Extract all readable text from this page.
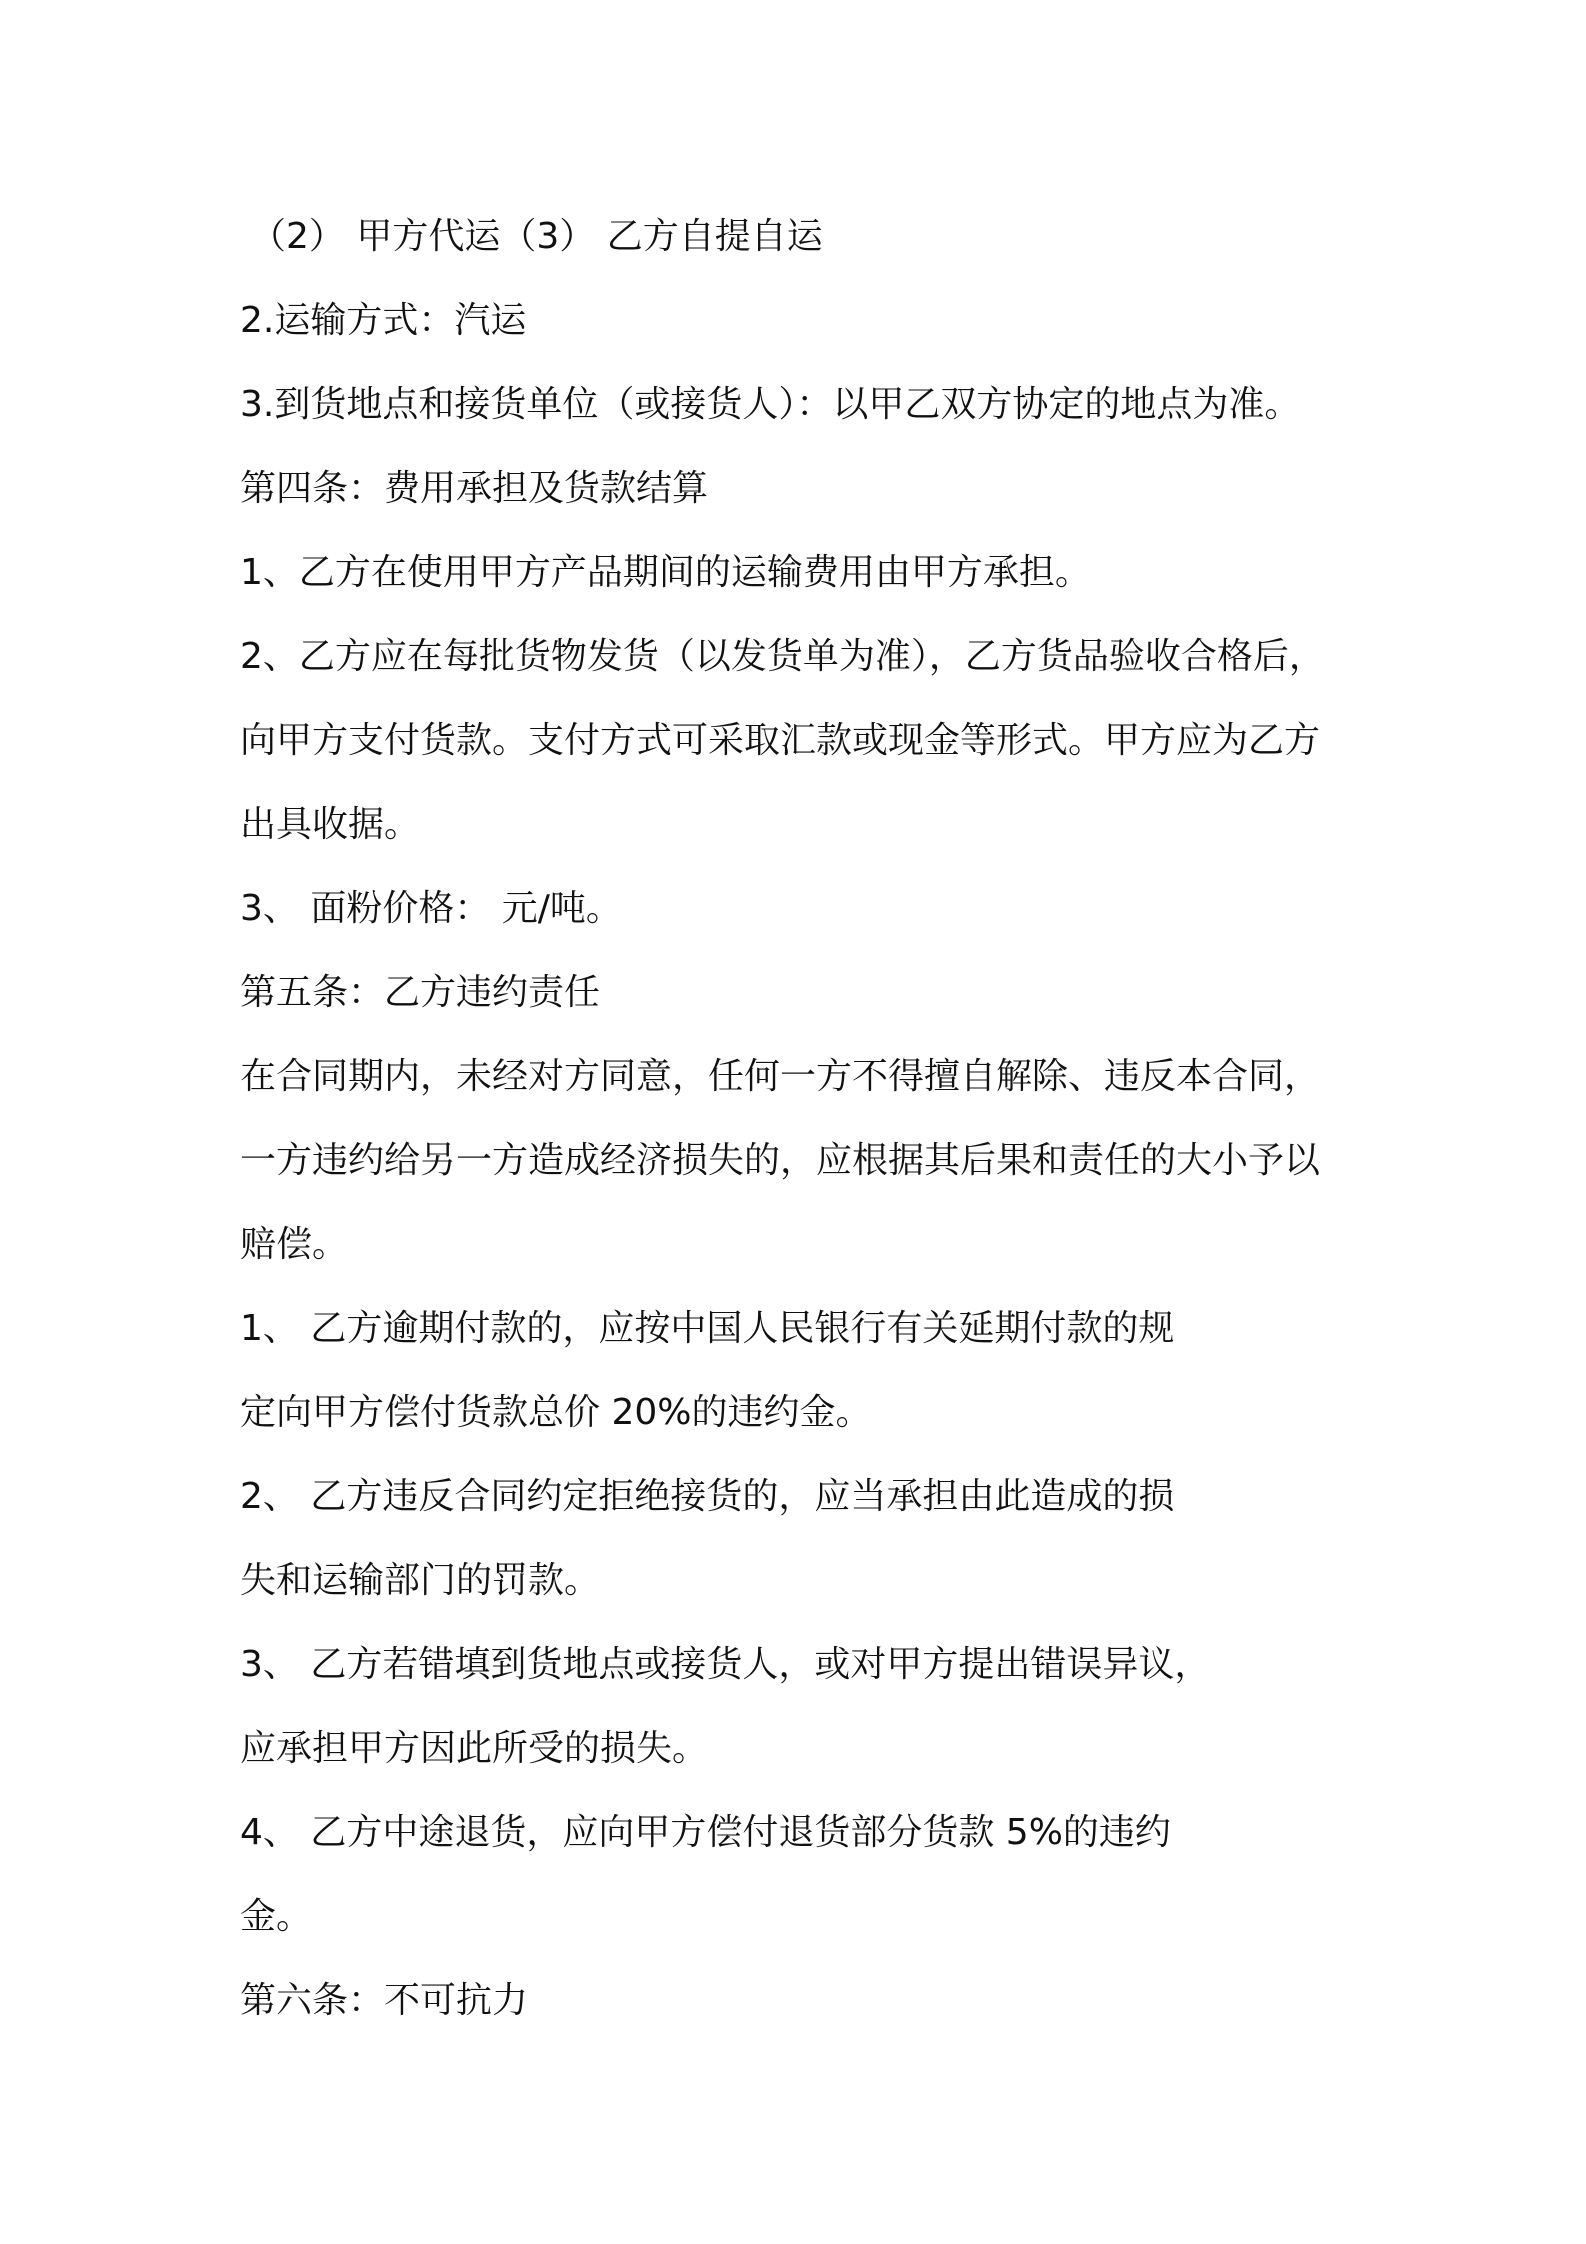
（2） 甲方代运（3） 乙方自提自运
2.运输方式：汽运
3.到货地点和接货单位（或接货人）：以甲乙双方协定的地点为准。
第四条：费用承担及货款结算
1、乙方在使用甲方产品期间的运输费用由甲方承担。
2、乙方应在每批货物发货（以发货单为准），乙方货品验收合格后，
向甲方支付货款。支付方式可采取汇款或现金等形式。甲方应为乙方
出具收据。
3、 面粉价格： 元/吨。
第五条：乙方违约责任
在合同期内，未经对方同意，任何一方不得擅自解除、违反本合同，
一方违约给另一方造成经济损失的，应根据其后果和责任的大小予以
赔偿。
1、 乙方逾期付款的，应按中国人民银行有关延期付款的规
定向甲方偿付货款总价 20%的违约金。
2、 乙方违反合同约定拒绝接货的，应当承担由此造成的损
失和运输部门的罚款。
3、 乙方若错填到货地点或接货人，或对甲方提出错误异议，
应承担甲方因此所受的损失。
4、 乙方中途退货，应向甲方偿付退货部分货款 5%的违约
金。
第六条：不可抗力
